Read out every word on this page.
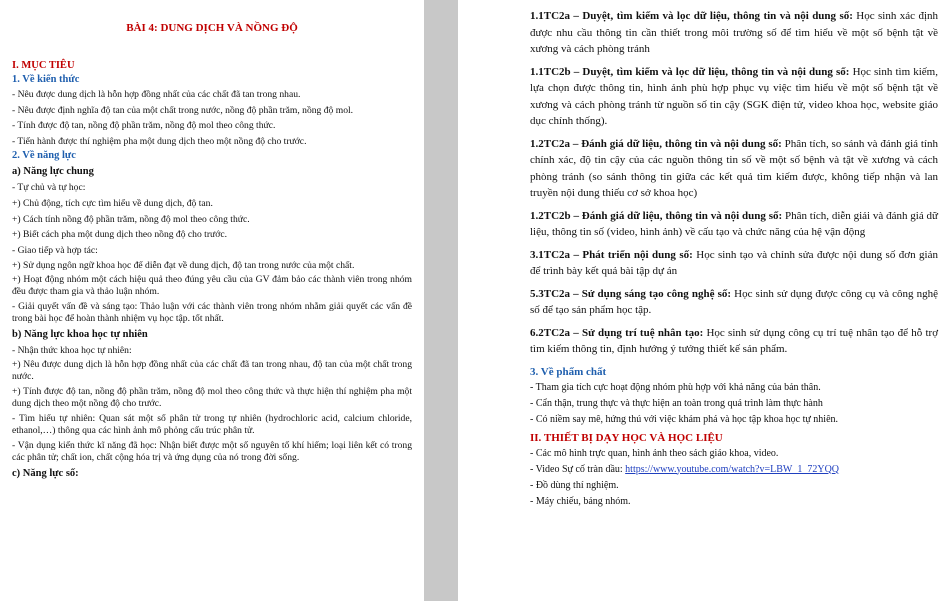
BÀI 4: DUNG DỊCH VÀ NỒNG ĐỘ
I. MỤC TIÊU
1. Về kiến thức

- Nêu được dung dịch là hỗn hợp đồng nhất của các chất đã tan trong nhau.

- Nêu được định nghĩa độ tan của một chất trong nước, nồng độ phần trăm, nồng độ mol.

- Tính được độ tan, nồng độ phần trăm, nồng độ mol theo công thức.

- Tiến hành được thí nghiệm pha một dung dịch theo một nồng độ cho trước.

2. Về năng lực
a) Năng lực chung

- Tự chủ và tự học:

+) Chủ động, tích cực tìm hiểu về dung dịch, độ tan.

+) Cách tính nồng độ phần trăm, nồng độ mol theo công thức.

+) Biết cách pha một dung dịch theo nồng độ cho trước.

- Giao tiếp và hợp tác:

+) Sử dụng ngôn ngữ khoa học để diễn đạt về dung dịch, độ tan trong nước của một chất.

+) Hoạt động nhóm một cách hiệu quả theo đúng yêu cầu của GV đảm bảo các thành viên trong nhóm đều được tham gia và thảo luận nhóm.

- Giải quyết vấn đề và sáng tạo: Thảo luận với các thành viên trong nhóm nhằm giải quyết các vấn đề trong bài học để hoàn thành nhiệm vụ học tập. tốt nhất.

b) Năng lực khoa học tự nhiên

- Nhận thức khoa học tự nhiên:

+) Nêu được dung dịch là hỗn hợp đồng nhất của các chất đã tan trong nhau, độ tan của một chất trong nước.

+) Tính được độ tan, nồng độ phần trăm, nồng độ mol theo công thức và thực hiện thí nghiệm pha một dung dịch theo một nồng độ cho trước.

- Tìm hiểu tự nhiên: Quan sát một số phân tử trong tự nhiên (hydrochloric acid, calcium chloride, ethanol,…) thông qua các hình ảnh mô phỏng cấu trúc phân tử.

- Vận dụng kiến thức kĩ năng đã học: Nhận biết được một số nguyên tố khí hiếm; loại liên kết có trong các phân tử; chất ion, chất cộng hóa trị và ứng dụng của nó trong đời sống.

c) Năng lực số:

1.1TC2a – Duyệt, tìm kiếm và lọc dữ liệu, thông tin và nội dung số: Học sinh xác định được nhu cầu thông tin cần thiết trong môi trường số để tìm hiểu về một số bệnh tật về xương và cách phòng tránh

1.1TC2b – Duyệt, tìm kiếm và lọc dữ liệu, thông tin và nội dung số: Học sinh tìm kiếm, lựa chọn được thông tin, hình ảnh phù hợp phục vụ việc tìm hiểu về một số bệnh tật về xương và cách phòng tránh từ nguồn số tin cậy (SGK điện tử, video khoa học, website giáo dục chính thống).

1.2TC2a – Đánh giá dữ liệu, thông tin và nội dung số: Phân tích, so sánh và đánh giá tính chính xác, độ tin cậy của các nguồn thông tin số về một số bệnh và tật về xương và cách phòng tránh (so sánh thông tin giữa các kết quả tìm kiếm được, không tiếp nhận và lan truyền nội dung thiếu cơ sở khoa học)

1.2TC2b – Đánh giá dữ liệu, thông tin và nội dung số: Phân tích, diễn giải và đánh giá dữ liệu, thông tin số (video, hình ảnh) về cấu tạo và chức năng của hệ vận động

3.1TC2a – Phát triển nội dung số: Học sinh tạo và chỉnh sửa được nội dung số đơn giản để trình bày kết quả bài tập dự án

5.3TC2a – Sử dụng sáng tạo công nghệ số: Học sinh sử dụng được công cụ và công nghệ số để tạo sản phẩm học tập.

6.2TC2a – Sử dụng trí tuệ nhân tạo: Học sinh sử dụng công cụ trí tuệ nhân tạo để hỗ trợ tìm kiếm thông tin, định hướng ý tưởng thiết kế sản phẩm.

3. Về phẩm chất

- Tham gia tích cực hoạt động nhóm phù hợp với khả năng của bản thân.

- Cẩn thận, trung thực và thực hiện an toàn trong quá trình làm thực hành

- Có niềm say mê, hứng thú với việc khám phá và học tập khoa học tự nhiên.

II. THIẾT BỊ DẠY HỌC VÀ HỌC LIỆU

- Các mô hình trực quan, hình ảnh theo sách giáo khoa, video.

- Video Sự cố tràn dầu: https://www.youtube.com/watch?v=LBW_1_72YQQ

- Đồ dùng thí nghiệm.

- Máy chiếu, bảng nhóm.
